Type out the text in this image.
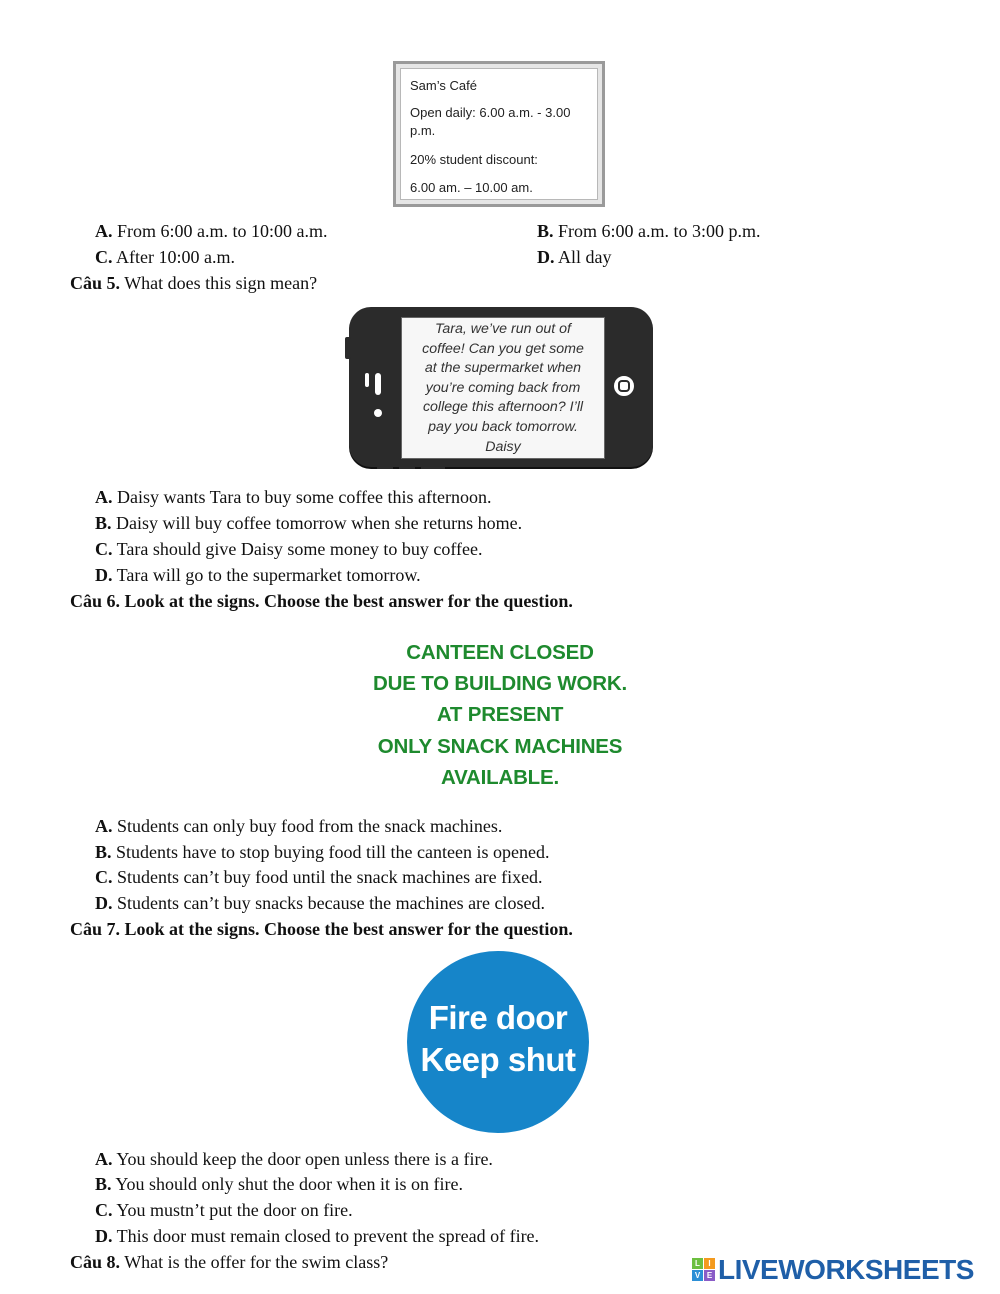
Sam’s Café
Open daily: 6.00 a.m. - 3.00
p.m.
20% student discount:
6.00 am. – 10.00 am.
A. From 6:00 a.m. to 10:00 a.m.	B. From 6:00 a.m. to 3:00 p.m.
C. After 10:00 a.m.	D. All day
Câu 5. What does this sign mean?
Tara, we’ve run out of
coffee! Can you get some
at the supermarket when
you’re coming back from
college this afternoon? I’ll
pay you back tomorrow.
Daisy
A. Daisy wants Tara to buy some coffee this afternoon.
B. Daisy will buy coffee tomorrow when she returns home.
C. Tara should give Daisy some money to buy coffee.
D. Tara will go to the supermarket tomorrow.
Câu 6. Look at the signs. Choose the best answer for the question.
CANTEEN CLOSED
DUE TO BUILDING WORK.
AT PRESENT
ONLY SNACK MACHINES
AVAILABLE.
A. Students can only buy food from the snack machines.
B. Students have to stop buying food till the canteen is opened.
C. Students can’t buy food until the snack machines are fixed.
D. Students can’t buy snacks because the machines are closed.
Câu 7. Look at the signs. Choose the best answer for the question.
Fire door
Keep shut
A. You should keep the door open unless there is a fire.
B. You should only shut the door when it is on fire.
C. You mustn’t put the door on fire.
D. This door must remain closed to prevent the spread of fire.
Câu 8. What is the offer for the swim class?	L	I
V E LIVEWORKSHEETS
